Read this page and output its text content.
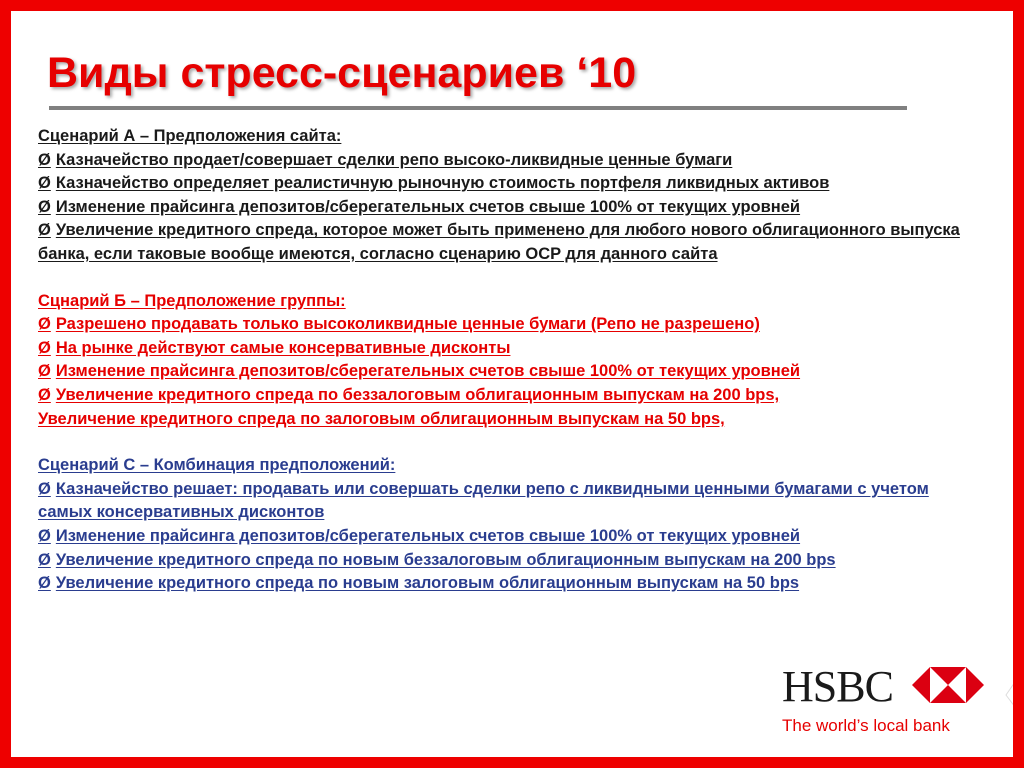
Виды стресс-сценариев ‘10

Сценарий А – Предположения сайта:

Ø Казначейство продает/совершает сделки репо высоко-ликвидные ценные бумаги

Ø Казначейство определяет реалистичную рыночную стоимость портфеля ликвидных активов

Ø Изменение прайсинга депозитов/сберегательных счетов свыше 100% от текущих уровней

Ø Увеличение кредитного спреда, которое может быть применено для любого нового облигационного выпуска банка, если таковые вообще имеются, согласно сценарию OCP для данного сайта

Сцнарий Б – Предположение группы:

Ø Разрешено продавать только высоколиквидные ценные бумаги (Репо не разрешено)

Ø На рынке действуют самые консервативные дисконты

Ø Изменение прайсинга депозитов/сберегательных счетов свыше 100% от текущих уровней

Ø Увеличение кредитного спреда по беззалоговым облигационным выпускам на 200 bps,

Увеличение кредитного спреда по залоговым облигационным выпускам на 50 bps,

Сценарий С – Комбинация предположений:

Ø Казначейство решает: продавать или совершать сделки репо с ликвидными ценными бумагами с учетом самых консервативных дисконтов

Ø Изменение прайсинга депозитов/сберегательных счетов свыше 100% от текущих уровней

Ø Увеличение кредитного спреда по новым беззалоговым облигационным выпускам на 200 bps

Ø Увеличение кредитного спреда по новым залоговым облигационным выпускам на 50 bps

HSBC
The world’s local bank
